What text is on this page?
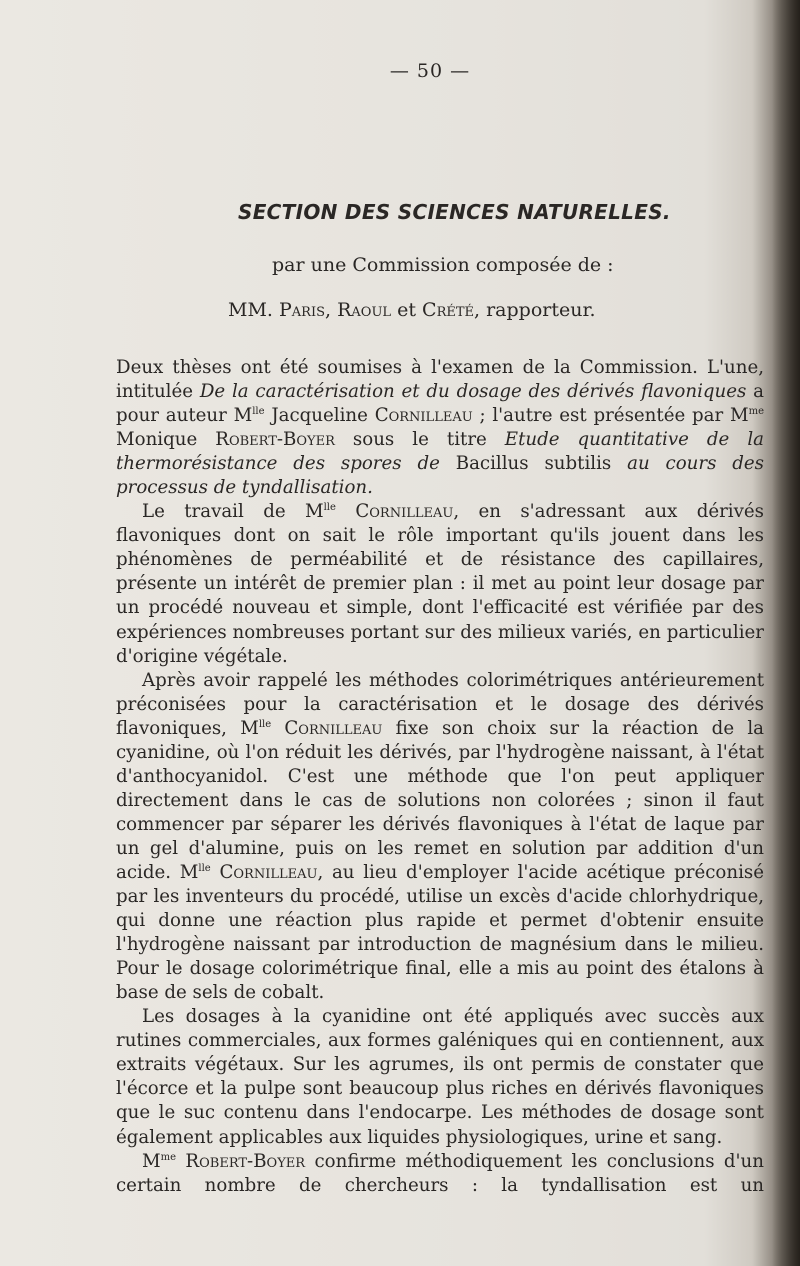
— 50 —
SECTION DES SCIENCES NATURELLES.
par une Commission composée de :
MM. Paris, Raoul et Crété, rapporteur.

Deux thèses ont été soumises à l'examen de la Commission. L'une, intitulée De la caractérisation et du dosage des dérivés flavoniques a pour auteur $M^{lle}$ Jacqueline Cornilleau ; l'autre est présentée par $M^{me}$ Monique Robert-Boyer sous le titre Etude quantitative de la thermorésistance des spores de Bacillus subtilis au cours des processus de tyndallisation.

Le travail de $M^{lle}$ Cornilleau, en s'adressant aux dérivés flavoniques dont on sait le rôle important qu'ils jouent dans les phénomènes de perméabilité et de résistance des capillaires, présente un intérêt de premier plan : il met au point leur dosage par un procédé nouveau et simple, dont l'efficacité est vérifiée par des expériences nombreuses portant sur des milieux variés, en particulier d'origine végétale.

Après avoir rappelé les méthodes colorimétriques antérieurement préconisées pour la caractérisation et le dosage des dérivés flavoniques, $M^{lle}$ Cornilleau fixe son choix sur la réaction de la cyanidine, où l'on réduit les dérivés, par l'hydrogène naissant, à l'état d'anthocyanidol. C'est une méthode que l'on peut appliquer directement dans le cas de solutions non colorées ; sinon il faut commencer par séparer les dérivés flavoniques à l'état de laque par un gel d'alumine, puis on les remet en solution par addition d'un acide. $M^{lle}$ Cornilleau, au lieu d'employer l'acide acétique préconisé par les inventeurs du procédé, utilise un excès d'acide chlorhydrique, qui donne une réaction plus rapide et permet d'obtenir ensuite l'hydrogène naissant par introduction de magnésium dans le milieu. Pour le dosage colorimétrique final, elle a mis au point des étalons à base de sels de cobalt.

Les dosages à la cyanidine ont été appliqués avec succès aux rutines commerciales, aux formes galéniques qui en contiennent, aux extraits végétaux. Sur les agrumes, ils ont permis de constater que l'écorce et la pulpe sont beaucoup plus riches en dérivés flavoniques que le suc contenu dans l'endocarpe. Les méthodes de dosage sont également applicables aux liquides physiologiques, urine et sang.

$M^{me}$ Robert-Boyer confirme méthodiquement les conclusions d'un certain nombre de chercheurs : la tyndallisation est un
